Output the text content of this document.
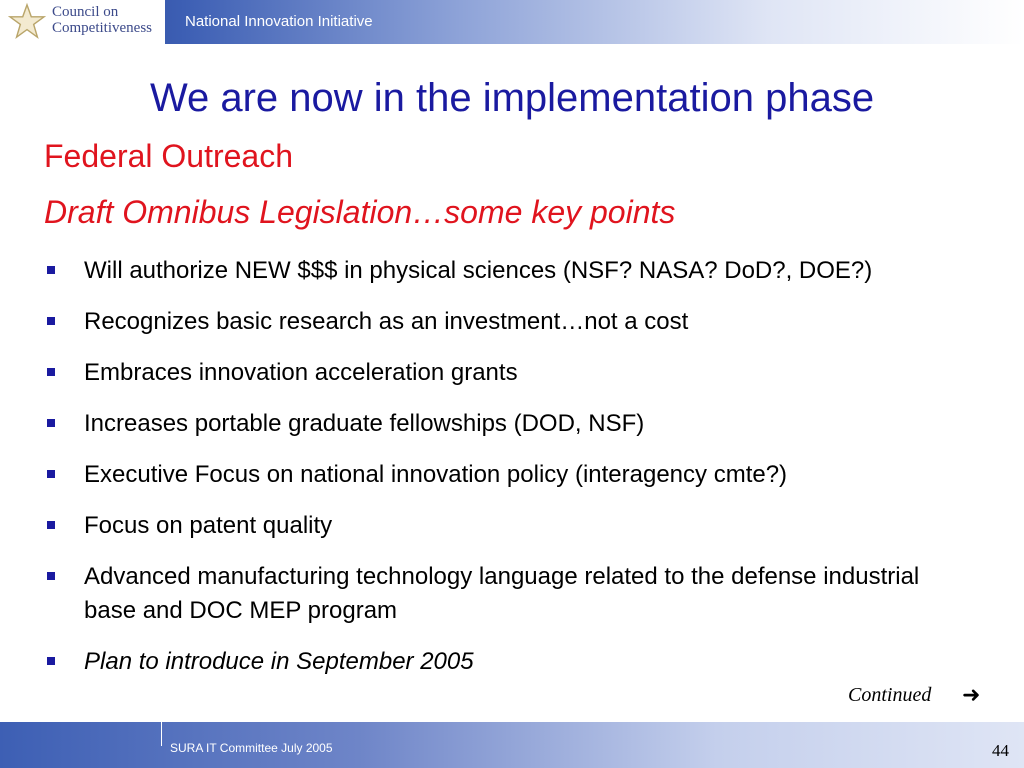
Council on
Competitiveness National Innovation Initiative
We are now in the implementation phase
Federal Outreach
Draft Omnibus Legislation…some key points
Will authorize NEW $$$ in physical sciences (NSF? NASA? DoD?, DOE?)
Recognizes basic research as an investment…not a cost
Embraces innovation acceleration grants
Increases portable graduate fellowships (DOD, NSF)
Executive Focus on national innovation policy (interagency cmte?)
Focus on patent quality
Advanced manufacturing technology language related to the defense industrial base and DOC MEP program
Plan to introduce in September 2005
Continued ➜
SURA IT Committee July 2005	44
